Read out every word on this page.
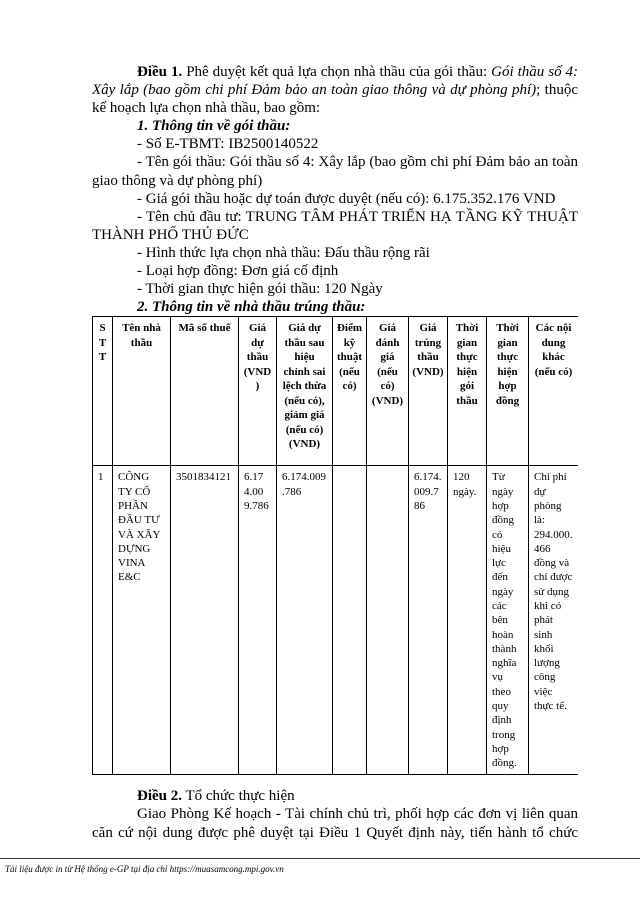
Điều 1. Phê duyệt kết quả lựa chọn nhà thầu của gói thầu: Gói thầu số 4: Xây lắp (bao gồm chi phí Đảm bảo an toàn giao thông và dự phòng phí); thuộc kế hoạch lựa chọn nhà thầu, bao gồm:

1. Thông tin về gói thầu:

- Số E-TBMT: IB2500140522

- Tên gói thầu: Gói thầu số 4: Xây lắp (bao gồm chi phí Đảm bảo an toàn giao thông và dự phòng phí)

- Giá gói thầu hoặc dự toán được duyệt (nếu có): 6.175.352.176 VND

- Tên chủ đầu tư: TRUNG TÂM PHÁT TRIỂN HẠ TẦNG KỸ THUẬT THÀNH PHỐ THỦ ĐỨC

- Hình thức lựa chọn nhà thầu: Đấu thầu rộng rãi

- Loại hợp đồng: Đơn giá cố định

- Thời gian thực hiện gói thầu: 120 Ngày

2. Thông tin về nhà thầu trúng thầu:

STT	Tên nhà thầu	Mã số thuế	Giá dự thầu (VND)	Giá dự thầu sau hiệu chỉnh sai lệch thừa (nếu có), giảm giá (nếu có) (VND)	Điểm kỹ thuật (nếu có)	Giá đánh giá (nếu có) (VND)	Giá trúng thầu (VND)	Thời gian thực hiện gói thầu	Thời gian thực hiện hợp đồng	Các nội dung khác (nếu có)
1	CÔNG TY CỔ PHẦN ĐẦU TƯ VÀ XÂY DỰNG VINA E&C	3501834121	6.174.009.786	6.174.009.786			6.174.009.786	120 ngày.	Từ ngày hợp đồng có hiệu lực đến ngày các bên hoàn thành nghĩa vụ theo quy định trong hợp đồng.	Chi phí dự phòng là: 294.000.466 đồng và chỉ được sử dụng khi có phát sinh khối lượng công việc thực tế.

Điều 2. Tổ chức thực hiện

Giao Phòng Kế hoạch - Tài chính chủ trì, phối hợp các đơn vị liên quan căn cứ nội dung được phê duyệt tại Điều 1 Quyết định này, tiến hành tổ chức

Tài liệu được in từ Hệ thống e-GP tại địa chỉ https://muasamcong.mpi.gov.vn
